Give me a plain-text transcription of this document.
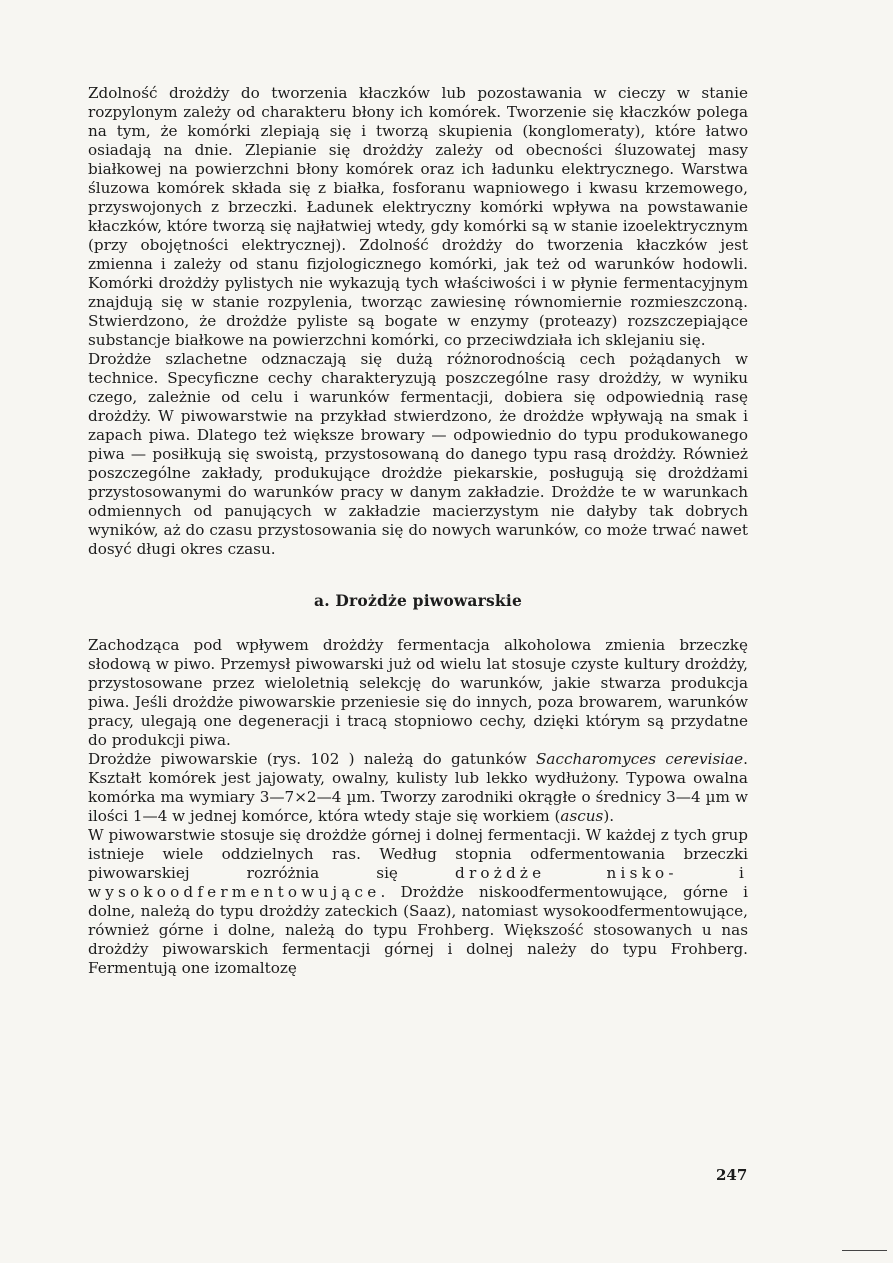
Zdolność drożdży do tworzenia kłaczków lub pozostawania w cieczy w stanie rozpylonym zależy od charakteru błony ich komórek. Tworzenie się kłaczków polega na tym, że komórki zlepiają się i tworzą skupienia (konglomeraty), które łatwo osiadają na dnie. Zlepianie się drożdży zależy od obecności śluzowatej masy białkowej na powierzchni błony komórek oraz ich ładunku elektrycznego. Warstwa śluzowa komórek składa się z białka, fosforanu wapniowego i kwasu krzemowego, przyswojonych z brzeczki. Ładunek elektryczny komórki wpływa na powstawanie kłaczków, które tworzą się najłatwiej wtedy, gdy komórki są w stanie izoelektrycznym (przy obojętności elektrycznej). Zdolność drożdży do tworzenia kłaczków jest zmienna i zależy od stanu fizjologicznego komórki, jak też od warunków hodowli. Komórki drożdży pylistych nie wykazują tych właściwości i w płynie fermentacyjnym znajdują się w stanie rozpylenia, tworząc zawiesinę równomiernie rozmieszczoną. Stwierdzono, że drożdże pyliste są bogate w enzymy (proteazy) rozszczepiające substancje białkowe na powierzchni komórki, co przeciwdziała ich sklejaniu się.

Drożdże szlachetne odznaczają się dużą różnorodnością cech pożądanych w technice. Specyficzne cechy charakteryzują poszczególne rasy drożdży, w wyniku czego, zależnie od celu i warunków fermentacji, dobiera się odpowiednią rasę drożdży. W piwowarstwie na przykład stwierdzono, że drożdże wpływają na smak i zapach piwa. Dlatego też większe browary — odpowiednio do typu produkowanego piwa — posiłkują się swoistą, przystosowaną do danego typu rasą drożdży. Również poszczególne zakłady, produkujące drożdże piekarskie, posługują się drożdżami przystosowanymi do warunków pracy w danym zakładzie. Drożdże te w warunkach odmiennych od panujących w zakładzie macierzystym nie dałyby tak dobrych wyników, aż do czasu przystosowania się do nowych warunków, co może trwać nawet dosyć długi okres czasu.

a. Drożdże piwowarskie

Zachodząca pod wpływem drożdży fermentacja alkoholowa zmienia brzeczkę słodową w piwo. Przemysł piwowarski już od wielu lat stosuje czyste kultury drożdży, przystosowane przez wieloletnią selekcję do warunków, jakie stwarza produkcja piwa. Jeśli drożdże piwowarskie przeniesie się do innych, poza browarem, warunków pracy, ulegają one degeneracji i tracą stopniowo cechy, dzięki którym są przydatne do produkcji piwa.

Drożdże piwowarskie (rys. 102 ) należą do gatunków Saccharomyces cerevisiae. Kształt komórek jest jajowaty, owalny, kulisty lub lekko wydłużony. Typowa owalna komórka ma wymiary 3—7×2—4 µm. Tworzy zarodniki okrągłe o średnicy 3—4 µm w ilości 1—4 w jednej komórce, która wtedy staje się workiem (ascus).

W piwowarstwie stosuje się drożdże górnej i dolnej fermentacji. W każdej z tych grup istnieje wiele oddzielnych ras. Według stopnia odfermentowania brzeczki piwowarskiej rozróżnia się drożdże nisko- i wysokoodfermentowujące. Drożdże niskoodfermentowujące, górne i dolne, należą do typu drożdży zateckich (Saaz), natomiast wysokoodfermentowujące, również górne i dolne, należą do typu Frohberg. Większość stosowanych u nas drożdży piwowarskich fermentacji górnej i dolnej należy do typu Frohberg. Fermentują one izomaltozę

247
